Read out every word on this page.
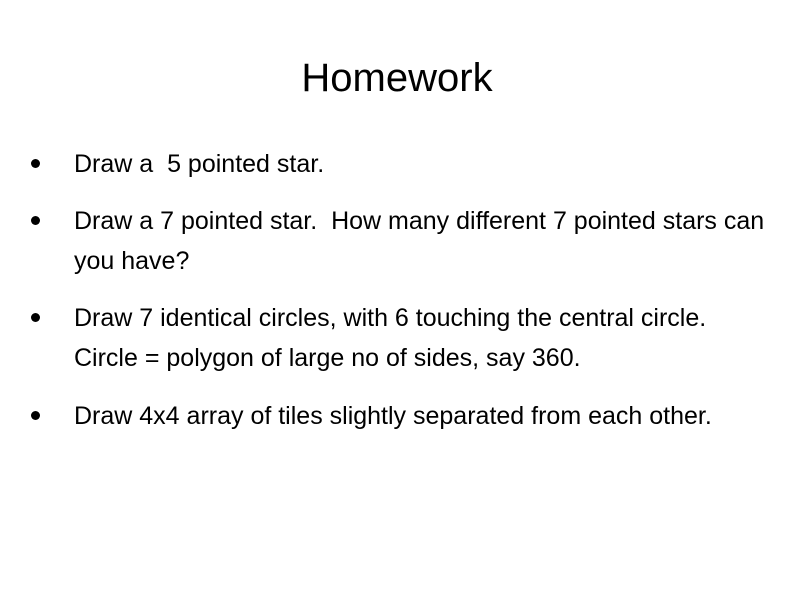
Homework
Draw a  5 pointed star.
Draw a 7 pointed star.  How many different 7 pointed stars can you have?
Draw 7 identical circles, with 6 touching the central circle.  Circle = polygon of large no of sides, say 360.
Draw 4x4 array of tiles slightly separated from each other.
